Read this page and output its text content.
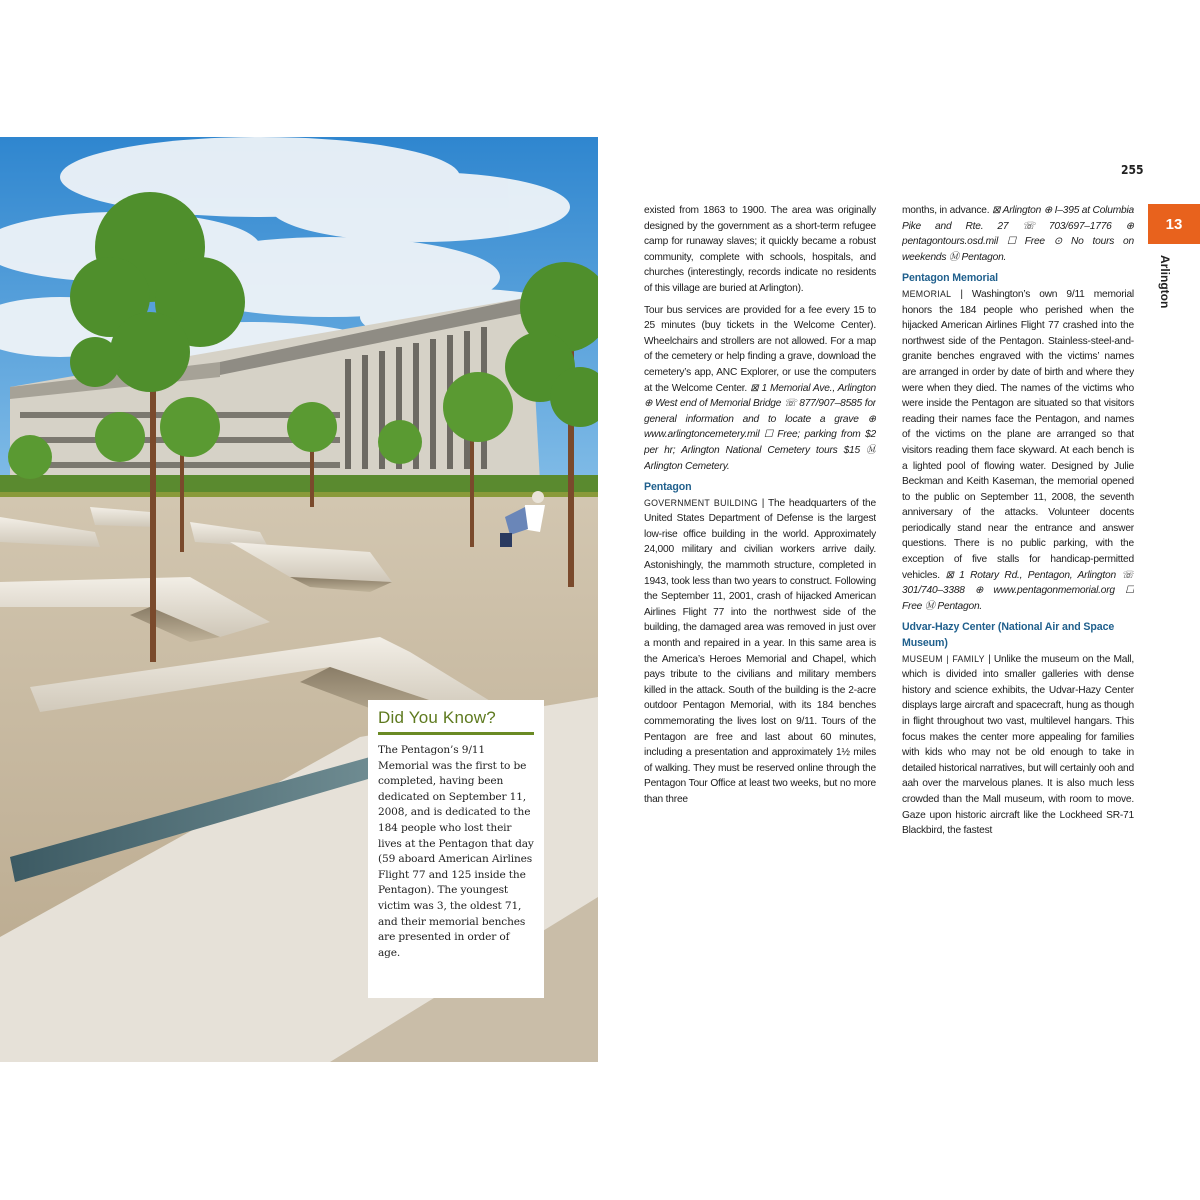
Did You Know?
The Pentagon’s 9/11 Memorial was the first to be completed, having been dedicated on September 11, 2008, and is dedicated to the 184 people who lost their lives at the Pentagon that day (59 aboard American Airlines Flight 77 and 125 inside the Pentagon). The youngest victim was 3, the oldest 71, and their memorial benches are presented in order of age.
255
13
Arlington

existed from 1863 to 1900. The area was originally designed by the government as a short-term refugee camp for runaway slaves; it quickly became a robust community, complete with schools, hospitals, and churches (interestingly, records indicate no residents of this village are buried at Arlington).

Tour bus services are provided for a fee every 15 to 25 minutes (buy tickets in the Welcome Center). Wheelchairs and strollers are not allowed. For a map of the cemetery or help finding a grave, download the cemetery’s app, ANC Explorer, or use the computers at the Welcome Center. ⊠ 1 Memorial Ave., Arlington ⊕ West end of Memorial Bridge ☏ 877/907–8585 for general information and to locate a grave ⊕ www.arlingtoncemetery.mil ☐ Free; parking from $2 per hr; Arlington National Cemetery tours $15 Ⓜ Arlington Cemetery.

Pentagon

GOVERNMENT BUILDING | The headquarters of the United States Department of Defense is the largest low-rise office building in the world. Approximately 24,000 military and civilian workers arrive daily. Astonishingly, the mammoth structure, completed in 1943, took less than two years to construct. Following the September 11, 2001, crash of hijacked American Airlines Flight 77 into the northwest side of the building, the damaged area was removed in just over a month and repaired in a year. In this same area is the America’s Heroes Memorial and Chapel, which pays tribute to the civilians and military members killed in the attack. South of the building is the 2-acre outdoor Pentagon Memorial, with its 184 benches commemorating the lives lost on 9/11. Tours of the Pentagon are free and last about 60 minutes, including a presentation and approximately 1½ miles of walking. They must be reserved online through the Pentagon Tour Office at least two weeks, but no more than three

months, in advance. ⊠ Arlington ⊕ I–395 at Columbia Pike and Rte. 27 ☏ 703/697–1776 ⊕ pentagontours.osd.mil ☐ Free ⊙ No tours on weekends Ⓜ Pentagon.

Pentagon Memorial

MEMORIAL | Washington’s own 9/11 memorial honors the 184 people who perished when the hijacked American Airlines Flight 77 crashed into the northwest side of the Pentagon. Stainless-steel-and-granite benches engraved with the victims’ names are arranged in order by date of birth and where they were when they died. The names of the victims who were inside the Pentagon are situated so that visitors reading their names face the Pentagon, and names of the victims on the plane are arranged so that visitors reading them face skyward. At each bench is a lighted pool of flowing water. Designed by Julie Beckman and Keith Kaseman, the memorial opened to the public on September 11, 2008, the seventh anniversary of the attacks. Volunteer docents periodically stand near the entrance and answer questions. There is no public parking, with the exception of five stalls for handicap-permitted vehicles. ⊠ 1 Rotary Rd., Pentagon, Arlington ☏ 301/740–3388 ⊕ www.pentagonmemorial.org ☐ Free Ⓜ Pentagon.

Udvar-Hazy Center (National Air and Space Museum)

MUSEUM | FAMILY | Unlike the museum on the Mall, which is divided into smaller galleries with dense history and science exhibits, the Udvar-Hazy Center displays large aircraft and spacecraft, hung as though in flight throughout two vast, multilevel hangars. This focus makes the center more appealing for families with kids who may not be old enough to take in detailed historical narratives, but will certainly ooh and aah over the marvelous planes. It is also much less crowded than the Mall museum, with room to move. Gaze upon historic aircraft like the Lockheed SR-71 Blackbird, the fastest
